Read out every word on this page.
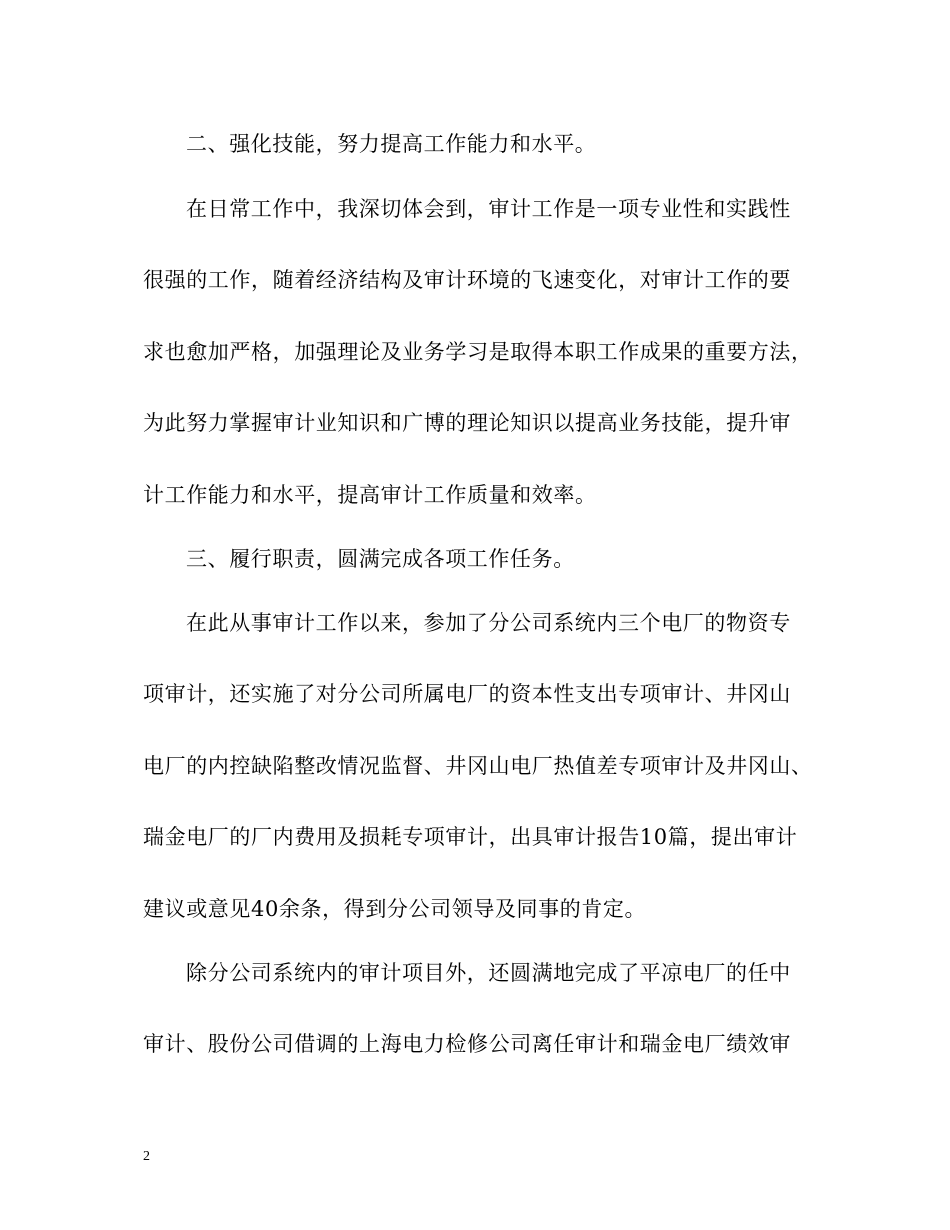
二、强化技能，努力提高工作能力和水平。
在日常工作中，我深切体会到，审计工作是一项专业性和实践性
很强的工作，随着经济结构及审计环境的飞速变化，对审计工作的要
求也愈加严格，加强理论及业务学习是取得本职工作成果的重要方法，
为此努力掌握审计业知识和广博的理论知识以提高业务技能，提升审
计工作能力和水平，提高审计工作质量和效率。
三、履行职责，圆满完成各项工作任务。
在此从事审计工作以来，参加了分公司系统内三个电厂的物资专
项审计，还实施了对分公司所属电厂的资本性支出专项审计、井冈山
电厂的内控缺陷整改情况监督、井冈山电厂热值差专项审计及井冈山、
瑞金电厂的厂内费用及损耗专项审计，出具审计报告10篇，提出审计
建议或意见40余条，得到分公司领导及同事的肯定。
除分公司系统内的审计项目外，还圆满地完成了平凉电厂的任中
审计、股份公司借调的上海电力检修公司离任审计和瑞金电厂绩效审
2
